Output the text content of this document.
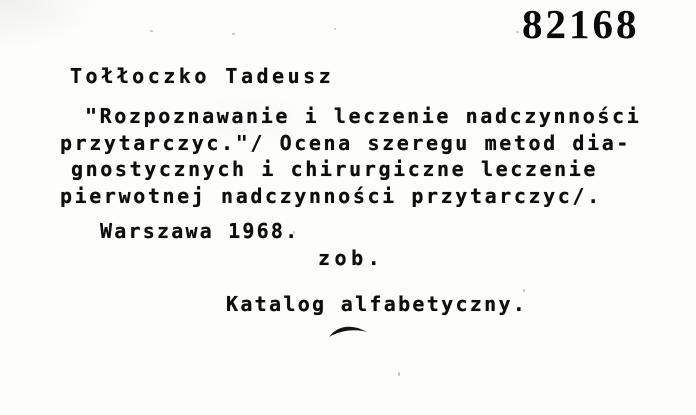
82168
Tołłoczko Tadeusz
"Rozpoznawanie i leczenie nadczynności
przytarczyc."/ Ocena szeregu metod dia-
gnostycznych i chirurgiczne leczenie
pierwotnej nadczynności przytarczyc/.
Warszawa 1968.
zob.
Katalog alfabetyczny.
